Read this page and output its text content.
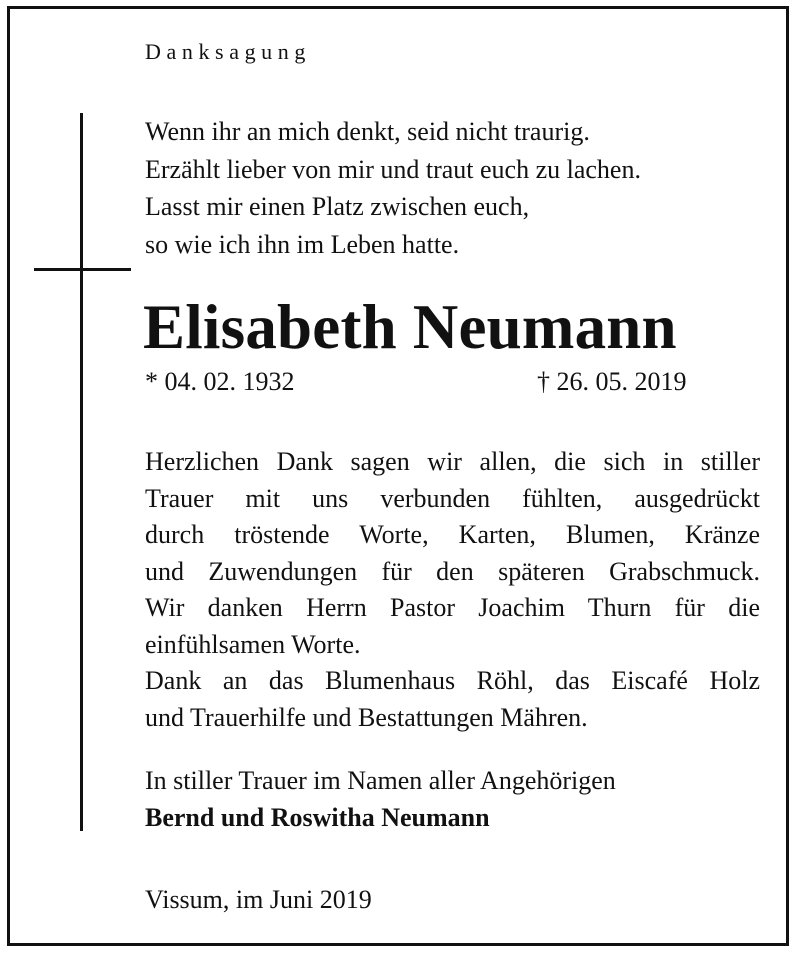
Danksagung
Wenn ihr an mich denkt, seid nicht traurig.
Erzählt lieber von mir und traut euch zu lachen.
Lasst mir einen Platz zwischen euch,
so wie ich ihn im Leben hatte.
Elisabeth Neumann
* 04. 02. 1932	† 26. 05. 2019
Herzlichen Dank sagen wir allen, die sich in stiller
Trauer mit uns verbunden fühlten, ausgedrückt
durch tröstende Worte, Karten, Blumen, Kränze
und Zuwendungen für den späteren Grabschmuck.
Wir danken Herrn Pastor Joachim Thurn für die
einfühlsamen Worte.
Dank an das Blumenhaus Röhl, das Eiscafé Holz
und Trauerhilfe und Bestattungen Mähren.
In stiller Trauer im Namen aller Angehörigen
Bernd und Roswitha Neumann
Vissum, im Juni 2019
